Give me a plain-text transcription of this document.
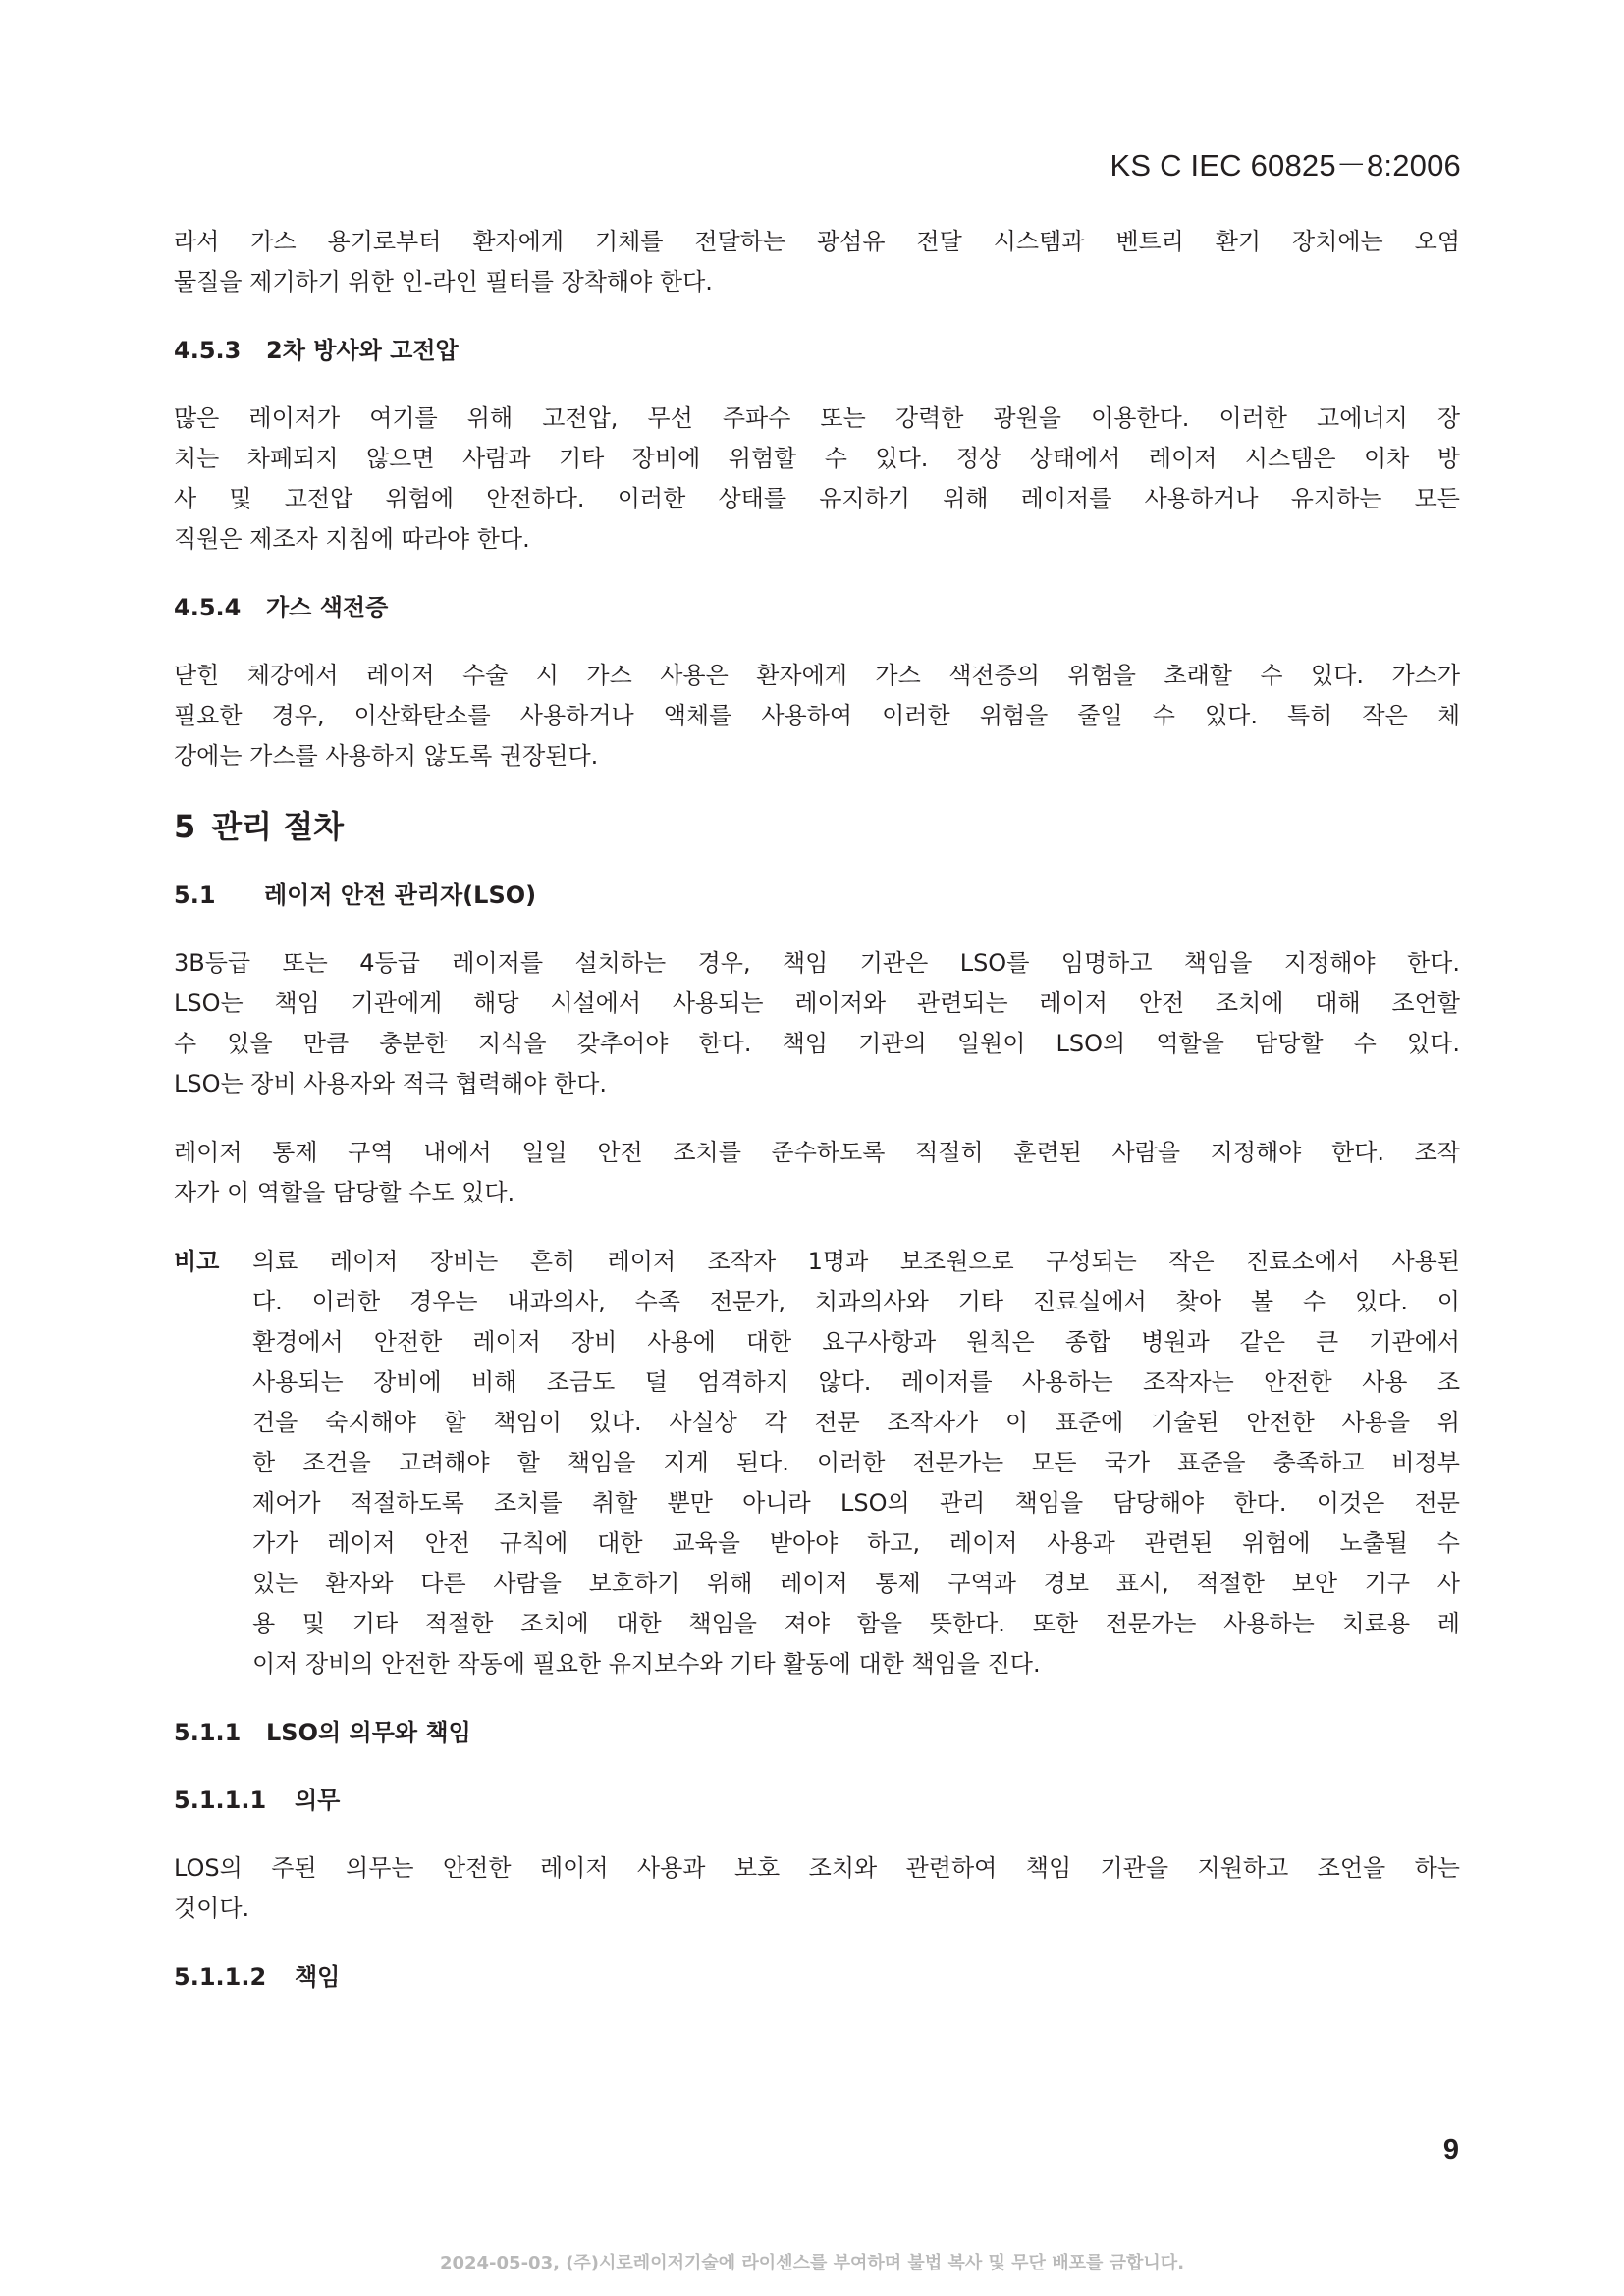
KS C IEC 60825－8:2006
라서 가스 용기로부터 환자에게 기체를 전달하는 광섬유 전달 시스템과 벤트리 환기 장치에는 오염
물질을 제기하기 위한 인-라인 필터를 장착해야 한다.
4.5.3 2차 방사와 고전압
많은 레이저가 여기를 위해 고전압, 무선 주파수 또는 강력한 광원을 이용한다. 이러한 고에너지 장
치는 차폐되지 않으면 사람과 기타 장비에 위험할 수 있다. 정상 상태에서 레이저 시스템은 이차 방
사 및 고전압 위험에 안전하다. 이러한 상태를 유지하기 위해 레이저를 사용하거나 유지하는 모든
직원은 제조자 지침에 따라야 한다.
4.5.4 가스 색전증
닫힌 체강에서 레이저 수술 시 가스 사용은 환자에게 가스 색전증의 위험을 초래할 수 있다. 가스가
필요한 경우, 이산화탄소를 사용하거나 액체를 사용하여 이러한 위험을 줄일 수 있다. 특히 작은 체
강에는 가스를 사용하지 않도록 권장된다.
5 관리 절차
5.1 레이저 안전 관리자(LSO)
3B등급 또는 4등급 레이저를 설치하는 경우, 책임 기관은 LSO를 임명하고 책임을 지정해야 한다.
LSO는 책임 기관에게 해당 시설에서 사용되는 레이저와 관련되는 레이저 안전 조치에 대해 조언할
수 있을 만큼 충분한 지식을 갖추어야 한다. 책임 기관의 일원이 LSO의 역할을 담당할 수 있다.
LSO는 장비 사용자와 적극 협력해야 한다.
레이저 통제 구역 내에서 일일 안전 조치를 준수하도록 적절히 훈련된 사람을 지정해야 한다. 조작
자가 이 역할을 담당할 수도 있다.
비고 의료 레이저 장비는 흔히 레이저 조작자 1명과 보조원으로 구성되는 작은 진료소에서 사용된
다. 이러한 경우는 내과의사, 수족 전문가, 치과의사와 기타 진료실에서 찾아 볼 수 있다. 이
환경에서 안전한 레이저 장비 사용에 대한 요구사항과 원칙은 종합 병원과 같은 큰 기관에서
사용되는 장비에 비해 조금도 덜 엄격하지 않다. 레이저를 사용하는 조작자는 안전한 사용 조
건을 숙지해야 할 책임이 있다. 사실상 각 전문 조작자가 이 표준에 기술된 안전한 사용을 위
한 조건을 고려해야 할 책임을 지게 된다. 이러한 전문가는 모든 국가 표준을 충족하고 비정부
제어가 적절하도록 조치를 취할 뿐만 아니라 LSO의 관리 책임을 담당해야 한다. 이것은 전문
가가 레이저 안전 규칙에 대한 교육을 받아야 하고, 레이저 사용과 관련된 위험에 노출될 수
있는 환자와 다른 사람을 보호하기 위해 레이저 통제 구역과 경보 표시, 적절한 보안 기구 사
용 및 기타 적절한 조치에 대한 책임을 져야 함을 뜻한다. 또한 전문가는 사용하는 치료용 레
이저 장비의 안전한 작동에 필요한 유지보수와 기타 활동에 대한 책임을 진다.
5.1.1 LSO의 의무와 책임
5.1.1.1 의무
LOS의 주된 의무는 안전한 레이저 사용과 보호 조치와 관련하여 책임 기관을 지원하고 조언을 하는
것이다.
5.1.1.2 책임
9
2024-05-03, (주)시로레이저기술에 라이센스를 부여하며 불법 복사 및 무단 배포를 금합니다.
